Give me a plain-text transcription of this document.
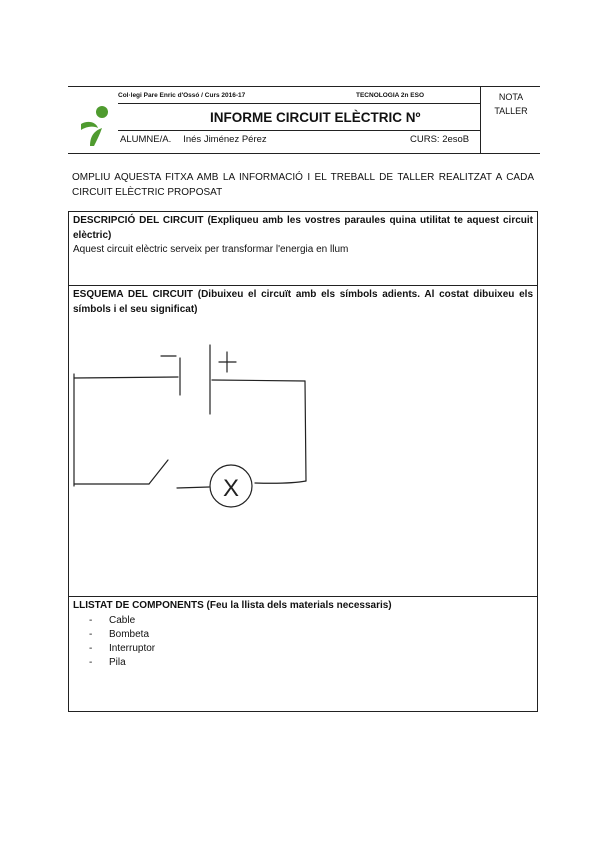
Col·legi Pare Enric d'Ossó / Curs 2016-17	TECNOLOGIA 2n ESO	NOTA
TALLER
INFORME CIRCUIT ELÈCTRIC Nº
ALUMNE/A. Inés Jiménez Pérez	CURS: 2esoB
OMPLIU AQUESTA FITXA AMB LA INFORMACIÓ I EL TREBALL DE TALLER REALITZAT A CADA CIRCUIT ELÈCTRIC PROPOSAT
DESCRIPCIÓ DEL CIRCUIT (Expliqueu amb les vostres paraules quina utilitat te aquest circuit elèctric)
Aquest circuit elèctric serveix per transformar l'energia en llum
ESQUEMA DEL CIRCUIT (Dibuixeu el circuït amb els símbols adients. Al costat dibuixeu els símbols i el seu significat)
X
LLISTAT DE COMPONENTS (Feu la llista dels materials necessaris)
- Cable
- Bombeta
- Interruptor
- Pila
